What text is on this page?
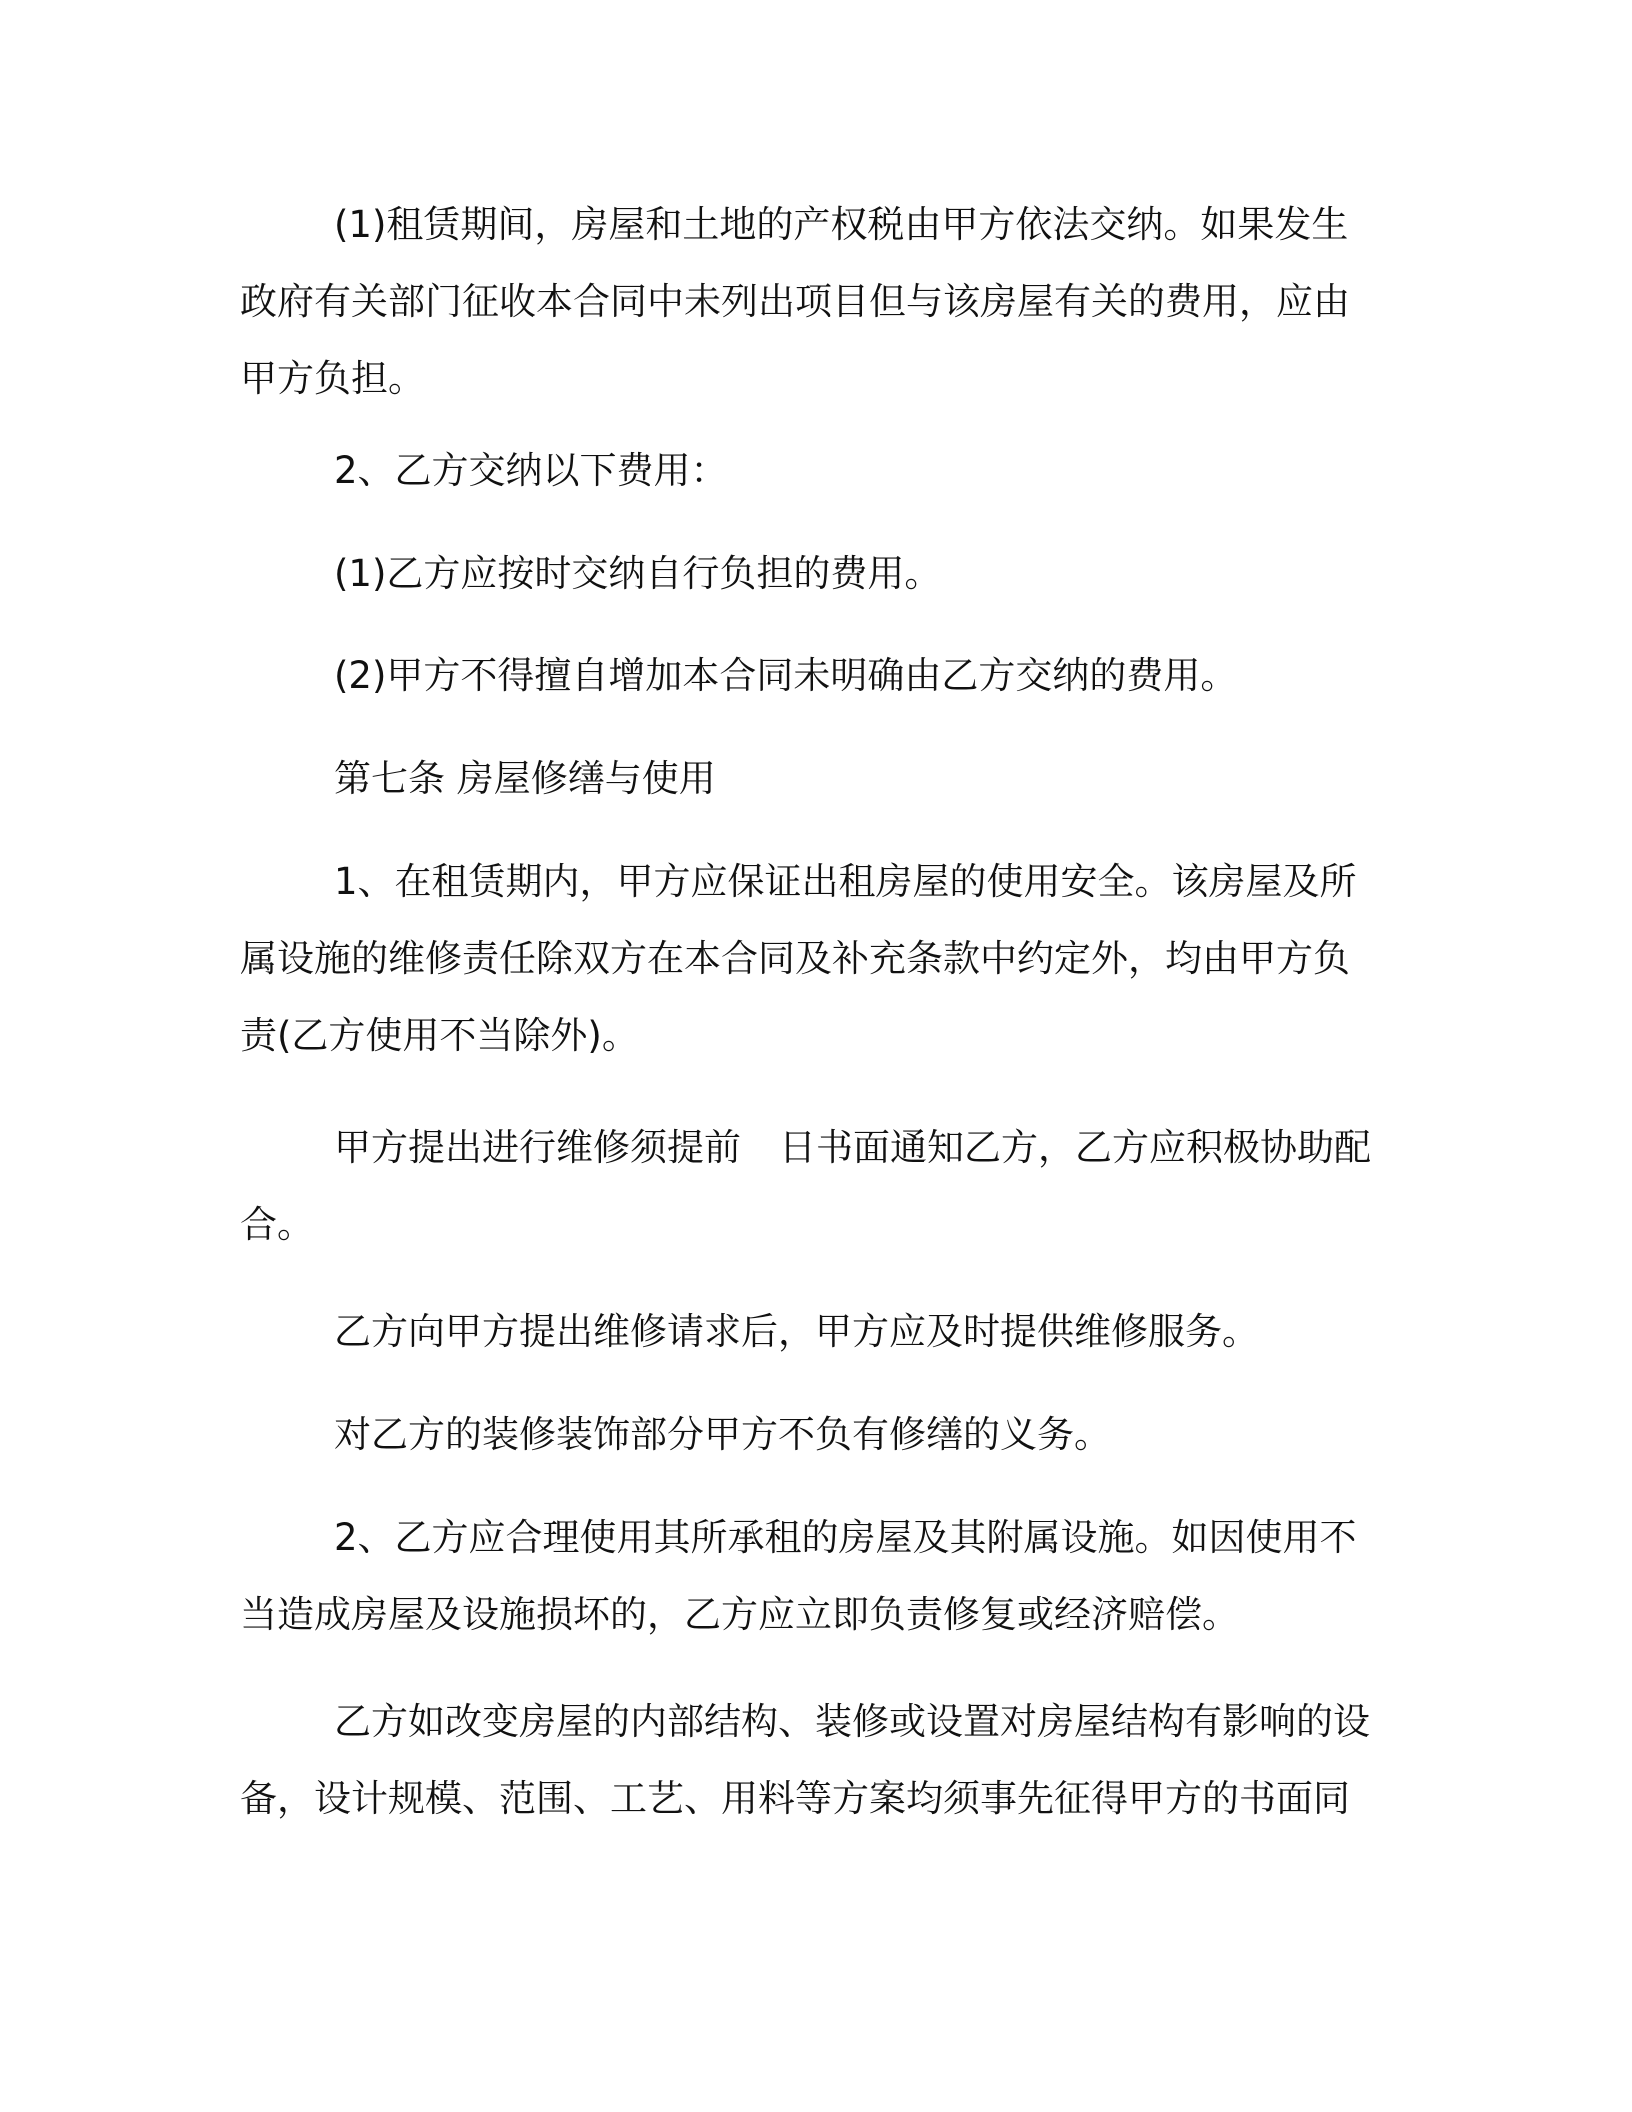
(1)租赁期间，房屋和土地的产权税由甲方依法交纳。如果发生政府有关部门征收本合同中未列出项目但与该房屋有关的费用，应由甲方负担。

2、乙方交纳以下费用：

(1)乙方应按时交纳自行负担的费用。

(2)甲方不得擅自增加本合同未明确由乙方交纳的费用。

第七条 房屋修缮与使用

1、在租赁期内，甲方应保证出租房屋的使用安全。该房屋及所属设施的维修责任除双方在本合同及补充条款中约定外，均由甲方负责(乙方使用不当除外)。

甲方提出进行维修须提前 日书面通知乙方，乙方应积极协助配合。

乙方向甲方提出维修请求后，甲方应及时提供维修服务。

对乙方的装修装饰部分甲方不负有修缮的义务。

2、乙方应合理使用其所承租的房屋及其附属设施。如因使用不当造成房屋及设施损坏的，乙方应立即负责修复或经济赔偿。

乙方如改变房屋的内部结构、装修或设置对房屋结构有影响的设备，设计规模、范围、工艺、用料等方案均须事先征得甲方的书面同
